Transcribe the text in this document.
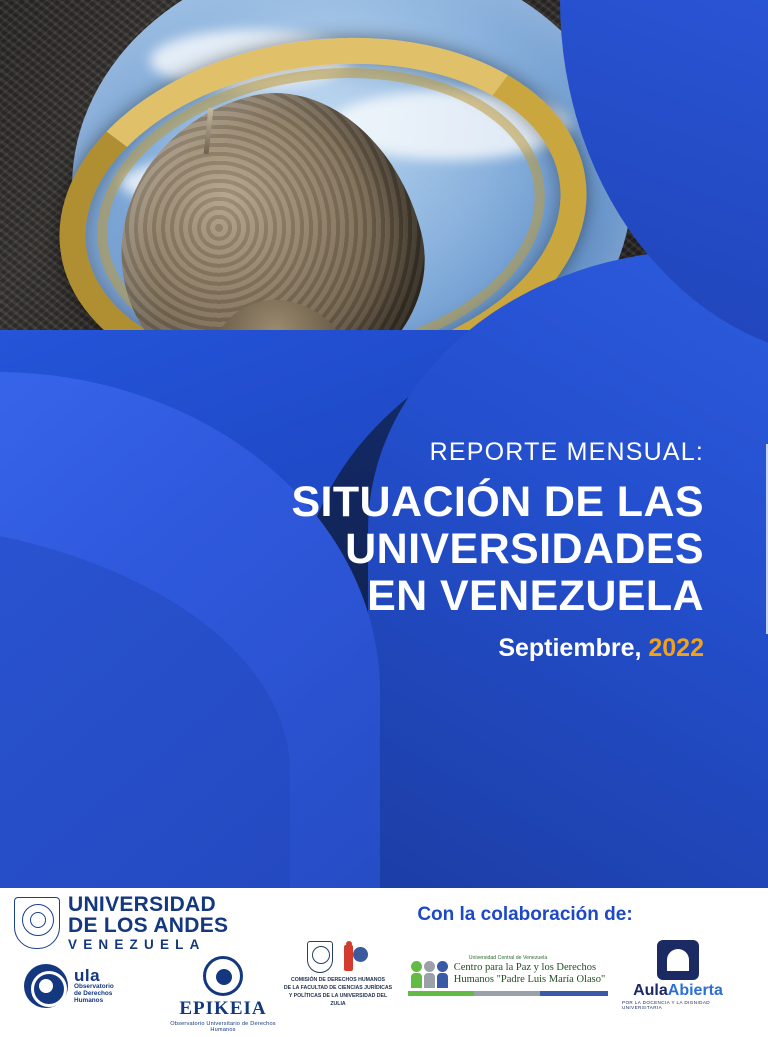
REPORTE MENSUAL:
SITUACIÓN DE LAS
UNIVERSIDADES
EN VENEZUELA
Septiembre, 2022
UNIVERSIDAD
DE LOS ANDES
VENEZUELA
ula
Observatorio
de Derechos
Humanos	EPIKEIA
Observatorio Universitario de Derechos Humanos
Con la colaboración de:
COMISIÓN DE DERECHOS HUMANOS
DE LA FACULTAD DE CIENCIAS JURÍDICAS
Y POLÍTICAS DE LA UNIVERSIDAD DEL ZULIA
Universidad Central de Venezuela
Centro para la Paz y los Derechos
Humanos "Padre Luis María Olaso"
AulaAbierta
POR LA DOCENCIA Y LA DIGNIDAD UNIVERSITARIA
